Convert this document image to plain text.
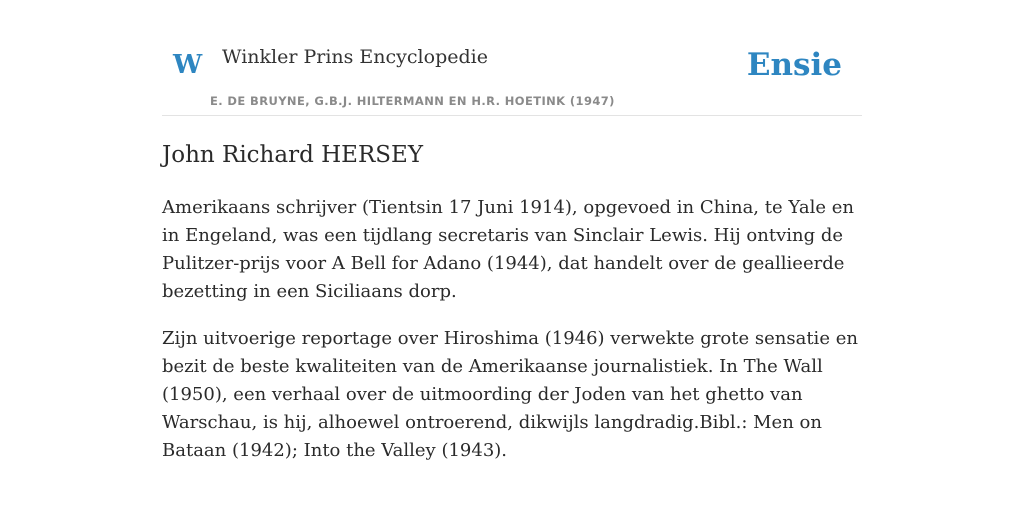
W Winkler Prins Encyclopedie
E. DE BRUYNE, G.B.J. HILTERMANN EN H.R. HOETINK (1947)
Ensie
John Richard HERSEY

Amerikaans schrijver (Tientsin 17 Juni 1914), opgevoed in China, te Yale en in Engeland, was een tijdlang secretaris van Sinclair Lewis. Hij ontving de Pulitzer-prijs voor A Bell for Adano (1944), dat handelt over de geallieerde bezetting in een Siciliaans dorp.

Zijn uitvoerige reportage over Hiroshima (1946) verwekte grote sensatie en bezit de beste kwaliteiten van de Amerikaanse journalistiek. In The Wall (1950), een verhaal over de uitmoording der Joden van het ghetto van Warschau, is hij, alhoewel ontroerend, dikwijls langdradig.Bibl.: Men on Bataan (1942); Into the Valley (1943).
